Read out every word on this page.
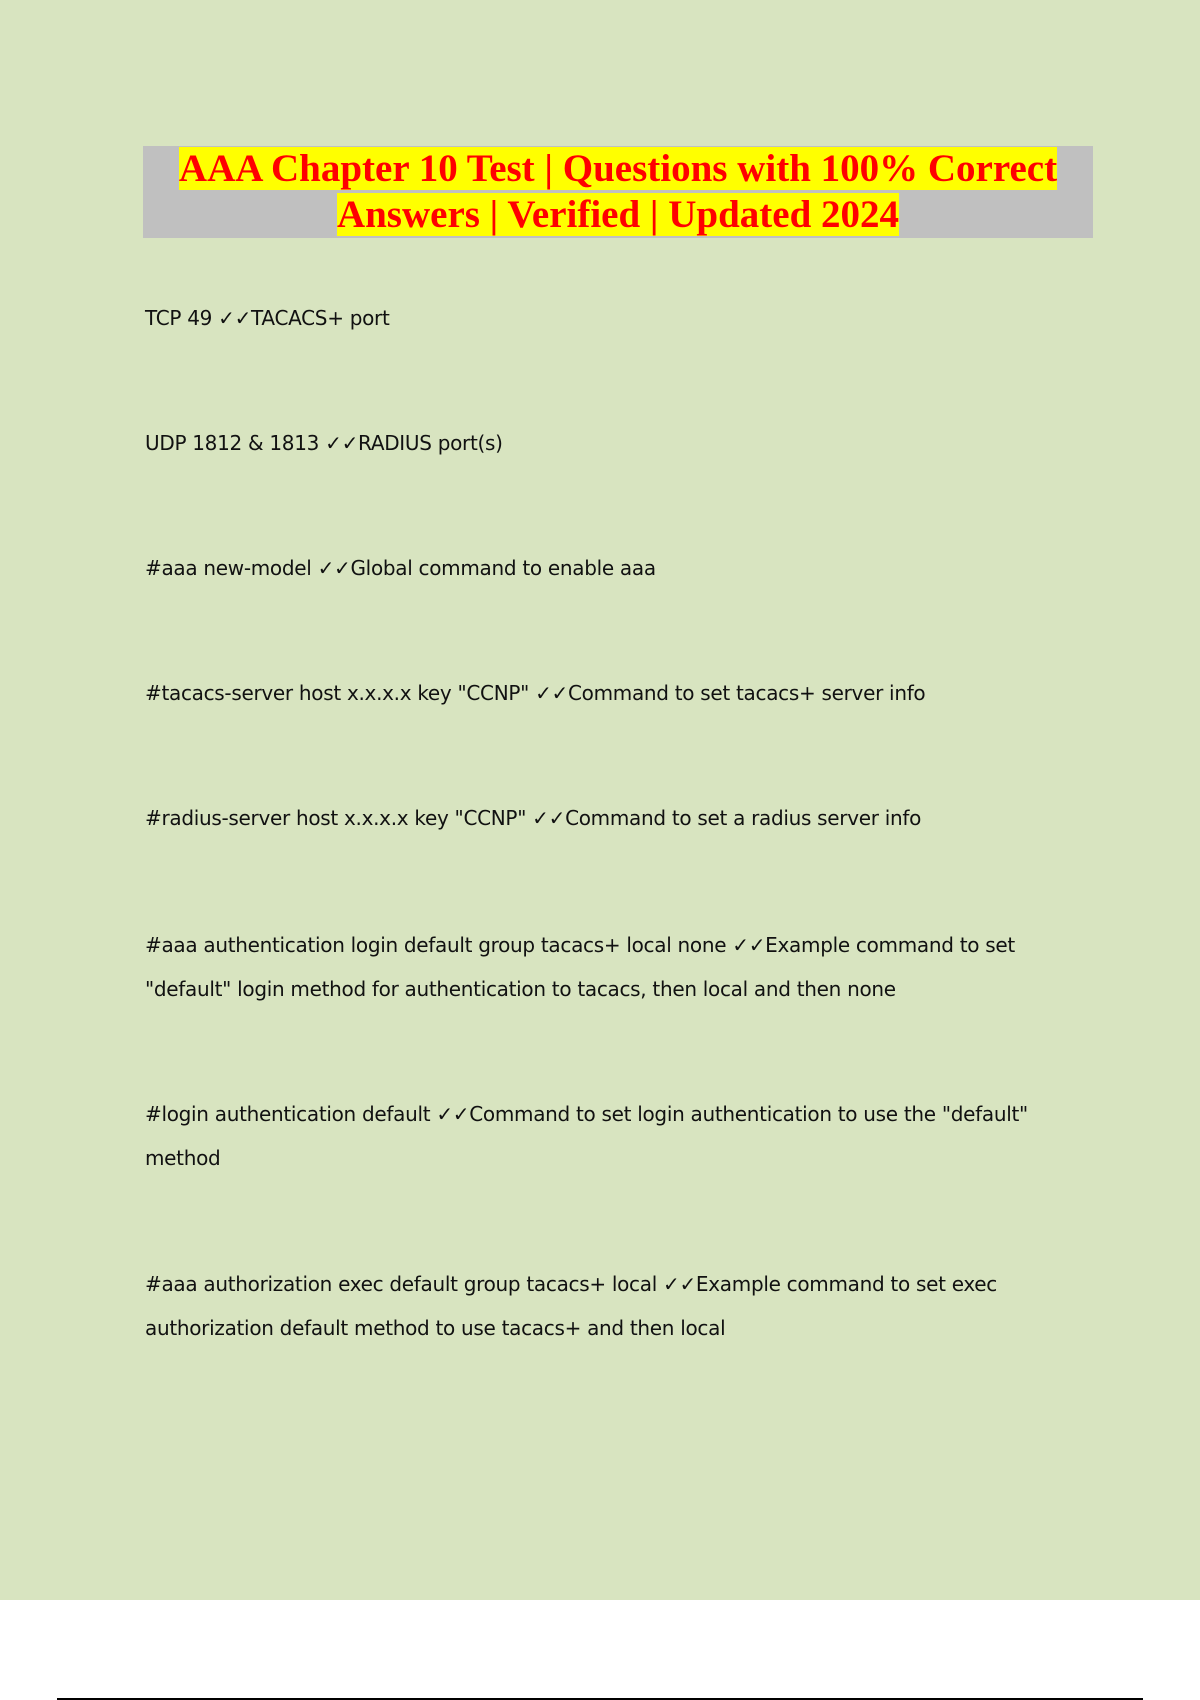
AAA Chapter 10 Test | Questions with 100% Correct
Answers | Verified | Updated 2024
TCP 49 ✓✓TACACS+ port
UDP 1812 & 1813 ✓✓RADIUS port(s)
#aaa new-model ✓✓Global command to enable aaa
#tacacs-server host x.x.x.x key "CCNP" ✓✓Command to set tacacs+ server info
#radius-server host x.x.x.x key "CCNP" ✓✓Command to set a radius server info
#aaa authentication login default group tacacs+ local none ✓✓Example command to set "default" login method for authentication to tacacs, then local and then none
#login authentication default ✓✓Command to set login authentication to use the "default" method
#aaa authorization exec default group tacacs+ local ✓✓Example command to set exec authorization default method to use tacacs+ and then local
